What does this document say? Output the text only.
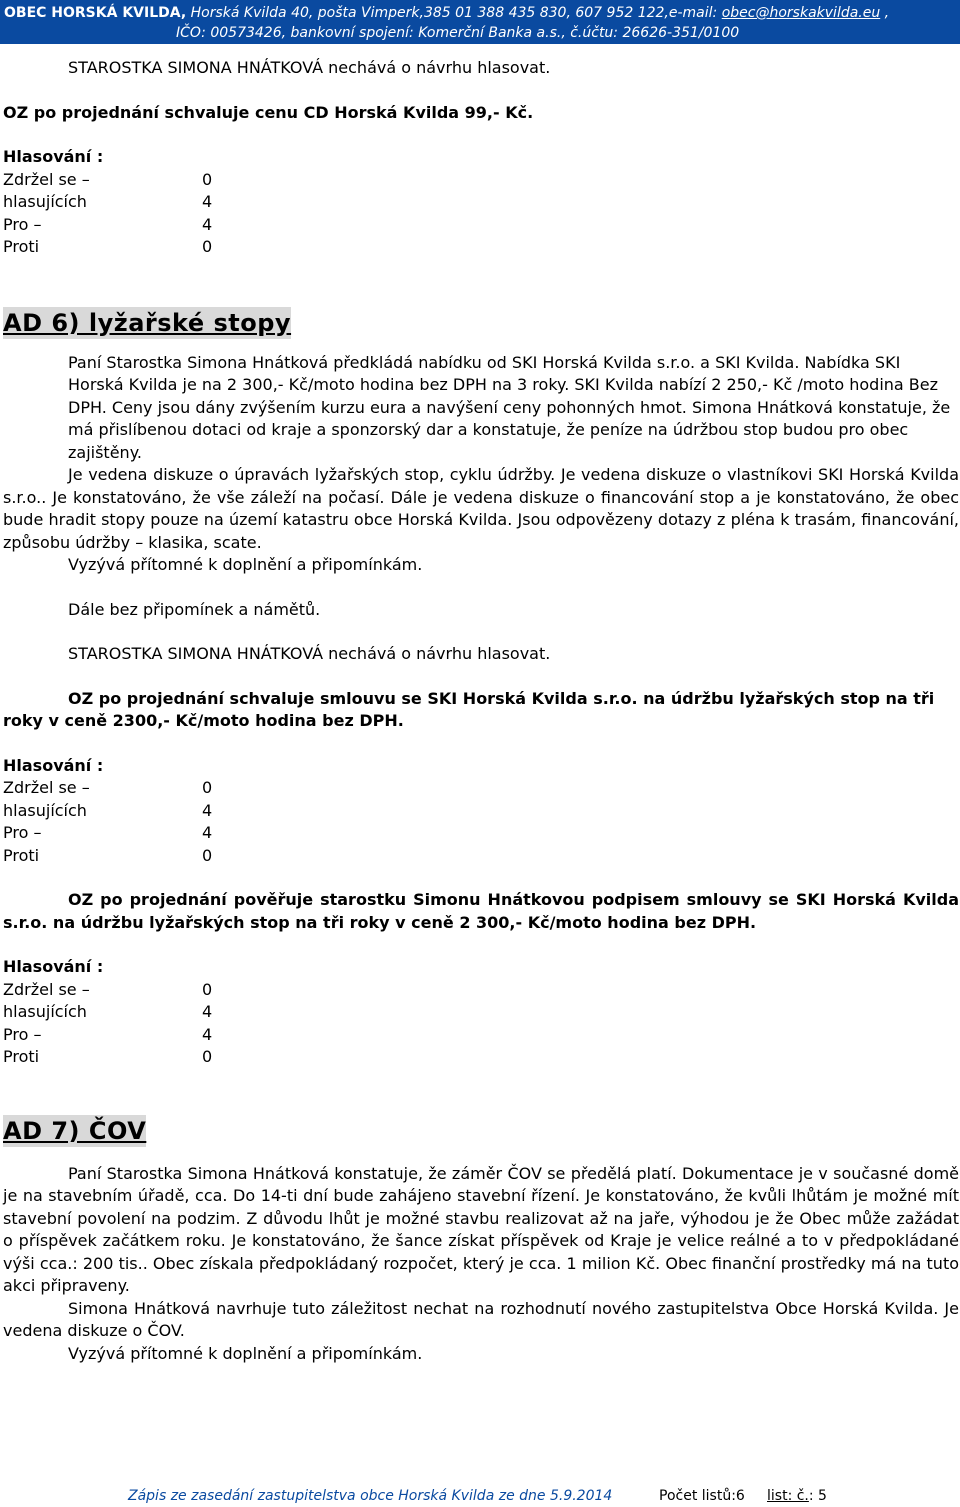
OBEC HORSKÁ KVILDA, Horská Kvilda 40, pošta Vimperk,385 01 388 435 830, 607 952 122,e-mail: obec@horskakvilda.eu ,
IČO: 00573426, bankovní spojení: Komerční Banka a.s., č.účtu: 26626-351/0100

STAROSTKA SIMONA HNÁTKOVÁ nechává o návrhu hlasovat.

OZ po projednání schvaluje cenu CD Horská Kvilda 99,- Kč.

Hlasování :

Zdržel se –	0
hlasujících	4
Pro –	4
Proti	0
AD 6) lyžařské stopy

Paní Starostka Simona Hnátková předkládá nabídku od SKI Horská Kvilda s.r.o. a SKI Kvilda. Nabídka SKI Horská Kvilda je na 2 300,- Kč/moto hodina bez DPH na 3 roky. SKI Kvilda nabízí 2 250,- Kč /moto hodina Bez DPH. Ceny jsou dány zvýšením kurzu eura a navýšení ceny pohonných hmot. Simona Hnátková konstatuje, že má přislíbenou dotaci od kraje a sponzorský dar a konstatuje, že peníze na údržbou stop budou pro obec zajištěny.

Je vedena diskuze o úpravách lyžařských stop, cyklu údržby. Je vedena diskuze o vlastníkovi SKI Horská Kvilda s.r.o.. Je konstatováno, že vše záleží na počasí. Dále je vedena diskuze o financování stop a je konstatováno, že obec bude hradit stopy pouze na území katastru obce Horská Kvilda. Jsou odpovězeny dotazy z pléna k trasám, financování, způsobu údržby – klasika, scate.

Vyzývá přítomné k doplnění a připomínkám.

Dále bez připomínek a námětů.

STAROSTKA SIMONA HNÁTKOVÁ nechává o návrhu hlasovat.

OZ po projednání schvaluje smlouvu se SKI Horská Kvilda s.r.o. na údržbu lyžařských stop na tři roky v ceně 2300,- Kč/moto hodina bez DPH.

Hlasování :

Zdržel se –	0
hlasujících	4
Pro –	4
Proti	0

OZ po projednání pověřuje starostku Simonu Hnátkovou podpisem smlouvy se SKI Horská Kvilda s.r.o. na údržbu lyžařských stop na tři roky v ceně 2 300,- Kč/moto hodina bez DPH.

Hlasování :

Zdržel se –	0
hlasujících	4
Pro –	4
Proti	0
AD 7) ČOV

Paní Starostka Simona Hnátková konstatuje, že záměr ČOV se předělá platí. Dokumentace je v současné domě je na stavebním úřadě, cca. Do 14-ti dní bude zahájeno stavební řízení. Je konstatováno, že kvůli lhůtám je možné mít stavební povolení na podzim. Z důvodu lhůt je možné stavbu realizovat až na jaře, výhodou je že Obec může zažádat o příspěvek začátkem roku. Je konstatováno, že šance získat příspěvek od Kraje je velice reálné a to v předpokládané výši cca.: 200 tis.. Obec získala předpokládaný rozpočet, který je cca. 1 milion Kč. Obec finanční prostředky má na tuto akci připraveny.

Simona Hnátková navrhuje tuto záležitost nechat na rozhodnutí nového zastupitelstva Obce Horská Kvilda. Je vedena diskuze o ČOV.

Vyzývá přítomné k doplnění a připomínkám.

Zápis ze zasedání zastupitelstva obce Horská Kvilda ze dne 5.9.2014	Počet listů:6 list: č.: 5
